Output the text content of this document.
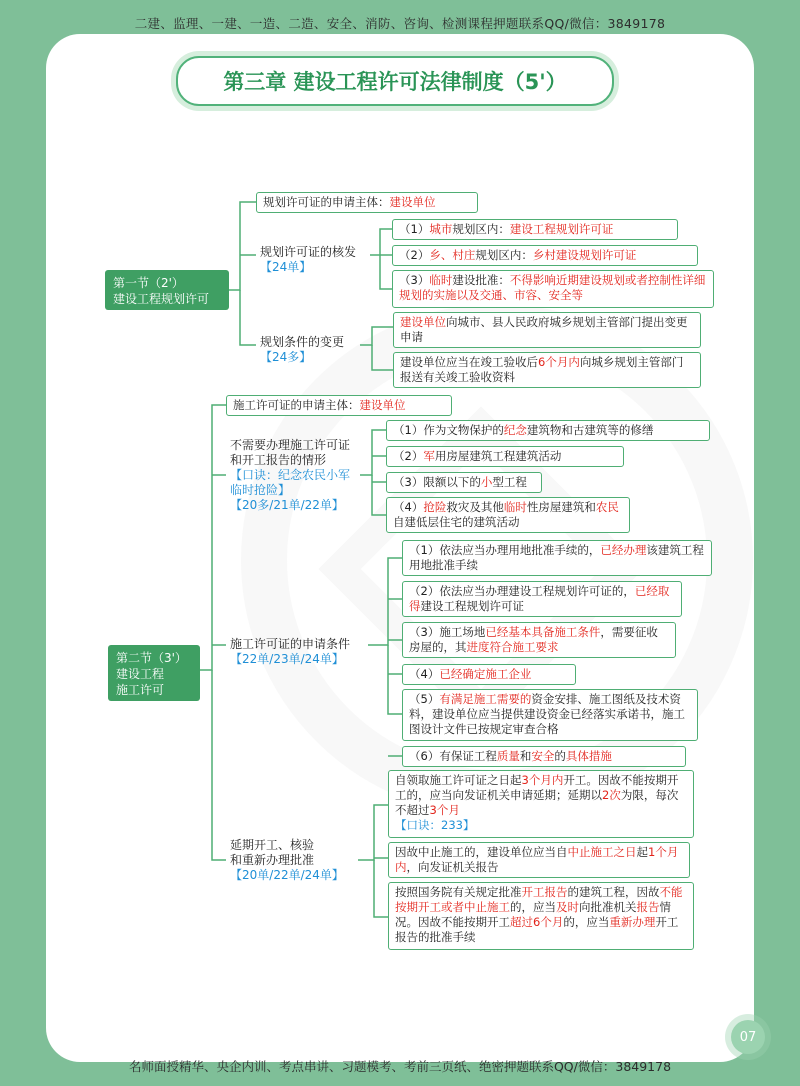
二建、监理、一建、一造、二造、安全、消防、咨询、检测课程押题联系QQ/微信：3849178
第三章 建设工程许可法律制度（5'）
第一节（2'）
建设工程规划许可
规划许可证的申请主体：建设单位
规划许可证的核发
【24单】
（1）城市规划区内：建设工程规划许可证
（2）乡、村庄规划区内：乡村建设规划许可证
（3）临时建设批准：不得影响近期建设规划或者控制性详细规划的实施以及交通、市容、安全等
规划条件的变更
【24多】
建设单位向城市、县人民政府城乡规划主管部门提出变更申请
建设单位应当在竣工验收后6个月内向城乡规划主管部门报送有关竣工验收资料
第二节（3'）
建设工程
施工许可
施工许可证的申请主体：建设单位
不需要办理施工许可证和开工报告的情形
【口诀：纪念农民小军临时抢险】
【20多/21单/22单】
（1）作为文物保护的纪念建筑物和古建筑等的修缮
（2）军用房屋建筑工程建筑活动
（3）限额以下的小型工程
（4）抢险救灾及其他临时性房屋建筑和农民自建低层住宅的建筑活动
施工许可证的申请条件
【22单/23单/24单】
（1）依法应当办理用地批准手续的，已经办理该建筑工程用地批准手续
（2）依法应当办理建设工程规划许可证的，已经取得建设工程规划许可证
（3）施工场地已经基本具备施工条件，需要征收房屋的，其进度符合施工要求
（4）已经确定施工企业
（5）有满足施工需要的资金安排、施工图纸及技术资料，建设单位应当提供建设资金已经落实承诺书，施工图设计文件已按规定审查合格
（6）有保证工程质量和安全的具体措施
延期开工、核验
和重新办理批准
【20单/22单/24单】
自领取施工许可证之日起3个月内开工。因故不能按期开工的，应当向发证机关申请延期；延期以2次为限，每次不超过3个月
【口诀：233】
因故中止施工的，建设单位应当自中止施工之日起1个月内，向发证机关报告
按照国务院有关规定批准开工报告的建筑工程，因故不能按期开工或者中止施工的，应当及时向批准机关报告情况。因故不能按期开工超过6个月的，应当重新办理开工报告的批准手续
07
名师面授精华、央企内训、考点串讲、习题模考、考前三页纸、绝密押题联系QQ/微信：3849178
